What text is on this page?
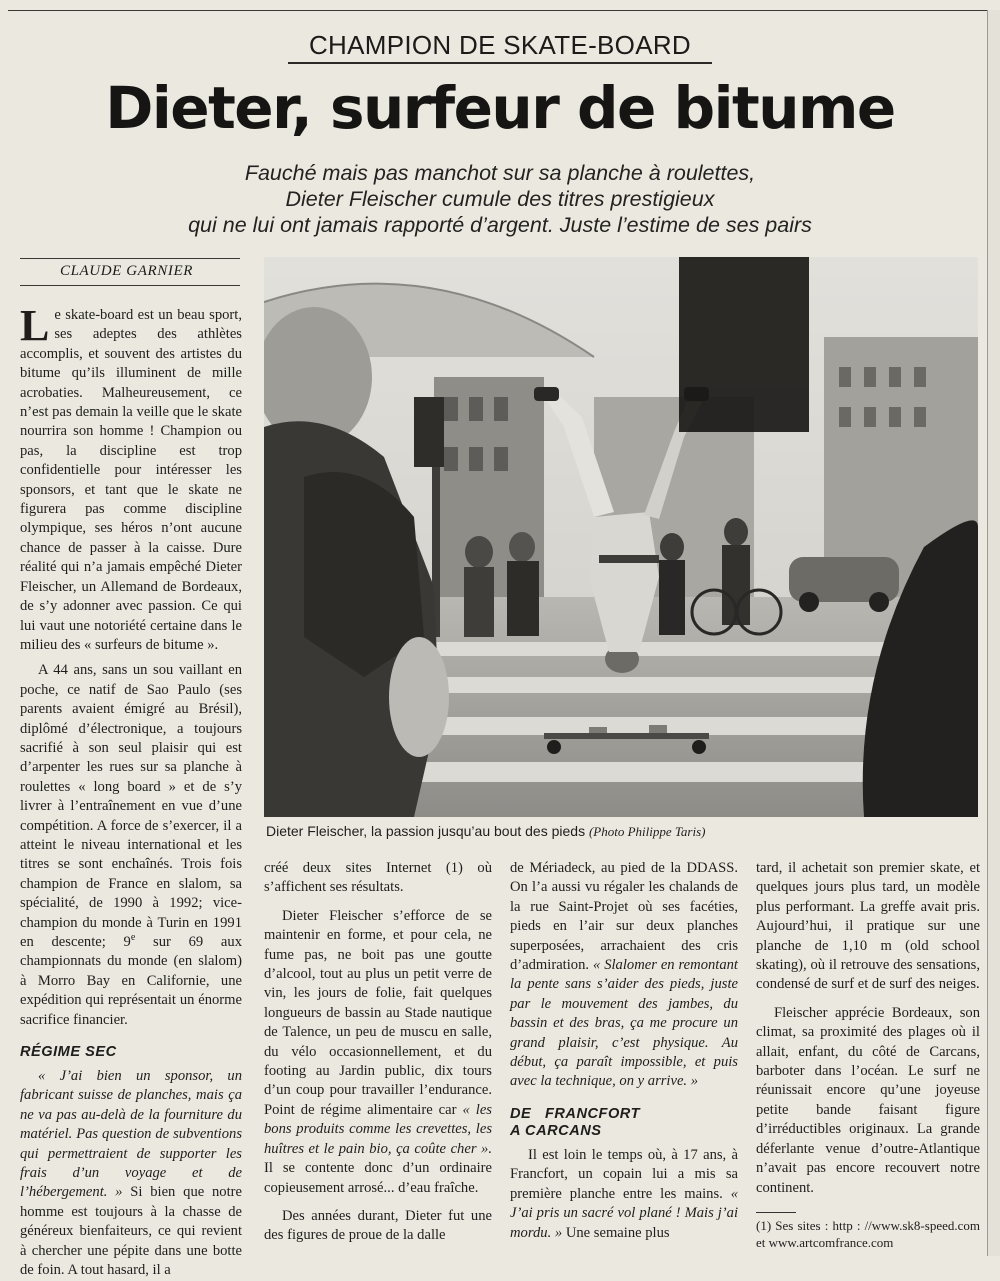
CHAMPION DE SKATE-BOARD
Dieter, surfeur de bitume
Fauché mais pas manchot sur sa planche à roulettes,
Dieter Fleischer cumule des titres prestigieux
qui ne lui ont jamais rapporté d’argent. Juste l’estime de ses pairs
CLAUDE GARNIER

Le skate-board est un beau sport, ses adeptes des athlètes accomplis, et souvent des artistes du bitume qu’ils illuminent de mille acrobaties. Malheureusement, ce n’est pas demain la veille que le skate nourrira son homme ! Champion ou pas, la discipline est trop confidentielle pour intéresser les sponsors, et tant que le skate ne figurera pas comme discipline olympique, ses héros n’ont aucune chance de passer à la caisse. Dure réalité qui n’a jamais empêché Dieter Fleischer, un Allemand de Bordeaux, de s’y adonner avec passion. Ce qui lui vaut une notoriété certaine dans le milieu des « surfeurs de bitume ».

A 44 ans, sans un sou vaillant en poche, ce natif de Sao Paulo (ses parents avaient émigré au Brésil), diplômé d’électronique, a toujours sacrifié à son seul plaisir qui est d’arpenter les rues sur sa planche à roulettes « long board » et de s’y livrer à l’entraînement en vue d’une compétition. A force de s’exercer, il a atteint le niveau international et les titres se sont enchaînés. Trois fois champion de France en slalom, sa spécialité, de 1990 à 1992; vice-champion du monde à Turin en 1991 en descente; 9e sur 69 aux championnats du monde (en slalom) à Morro Bay en Californie, une expédition qui représentait un énorme sacrifice financier.

RÉGIME SEC

« J’ai bien un sponsor, un fabricant suisse de planches, mais ça ne va pas au-delà de la fourniture du matériel. Pas question de subventions qui permettraient de supporter les frais d’un voyage et de l’hébergement. » Si bien que notre homme est toujours à la chasse de généreux bienfaiteurs, ce qui revient à chercher une pépite dans une botte de foin. A tout hasard, il a

Dieter Fleischer, la passion jusqu’au bout des pieds (Photo Philippe Taris)

créé deux sites Internet (1) où s’affichent ses résultats.

Dieter Fleischer s’efforce de se maintenir en forme, et pour cela, ne fume pas, ne boit pas une goutte d’alcool, tout au plus un petit verre de vin, les jours de folie, fait quelques longueurs de bassin au Stade nautique de Talence, un peu de muscu en salle, du vélo occasionnellement, et du footing au Jardin public, dix tours d’un coup pour travailler l’endurance. Point de régime alimentaire car « les bons produits comme les crevettes, les huîtres et le pain bio, ça coûte cher ». Il se contente donc d’un ordinaire copieusement arrosé... d’eau fraîche.

Des années durant, Dieter fut une des figures de proue de la dalle

de Mériadeck, au pied de la DDASS. On l’a aussi vu régaler les chalands de la rue Saint-Projet où ses facéties, pieds en l’air sur deux planches superposées, arrachaient des cris d’admiration. « Slalomer en remontant la pente sans s’aider des pieds, juste par le mouvement des jambes, du bassin et des bras, ça me procure un grand plaisir, c’est physique. Au début, ça paraît impossible, et puis avec la technique, on y arrive. »

DE FRANCFORT A CARCANS

Il est loin le temps où, à 17 ans, à Francfort, un copain lui a mis sa première planche entre les mains. « J’ai pris un sacré vol plané ! Mais j’ai mordu. » Une semaine plus

tard, il achetait son premier skate, et quelques jours plus tard, un modèle plus performant. La greffe avait pris. Aujourd’hui, il pratique sur une planche de 1,10 m (old school skating), où il retrouve des sensations, condensé de surf et de surf des neiges.

Fleischer apprécie Bordeaux, son climat, sa proximité des plages où il allait, enfant, du côté de Carcans, barboter dans l’océan. Le surf ne réunissait encore qu’une joyeuse petite bande faisant figure d’irréductibles originaux. La grande déferlante venue d’outre-Atlantique n’avait pas encore recouvert notre continent.

(1) Ses sites : http : //www.sk8-speed.com et www.artcomfrance.com
